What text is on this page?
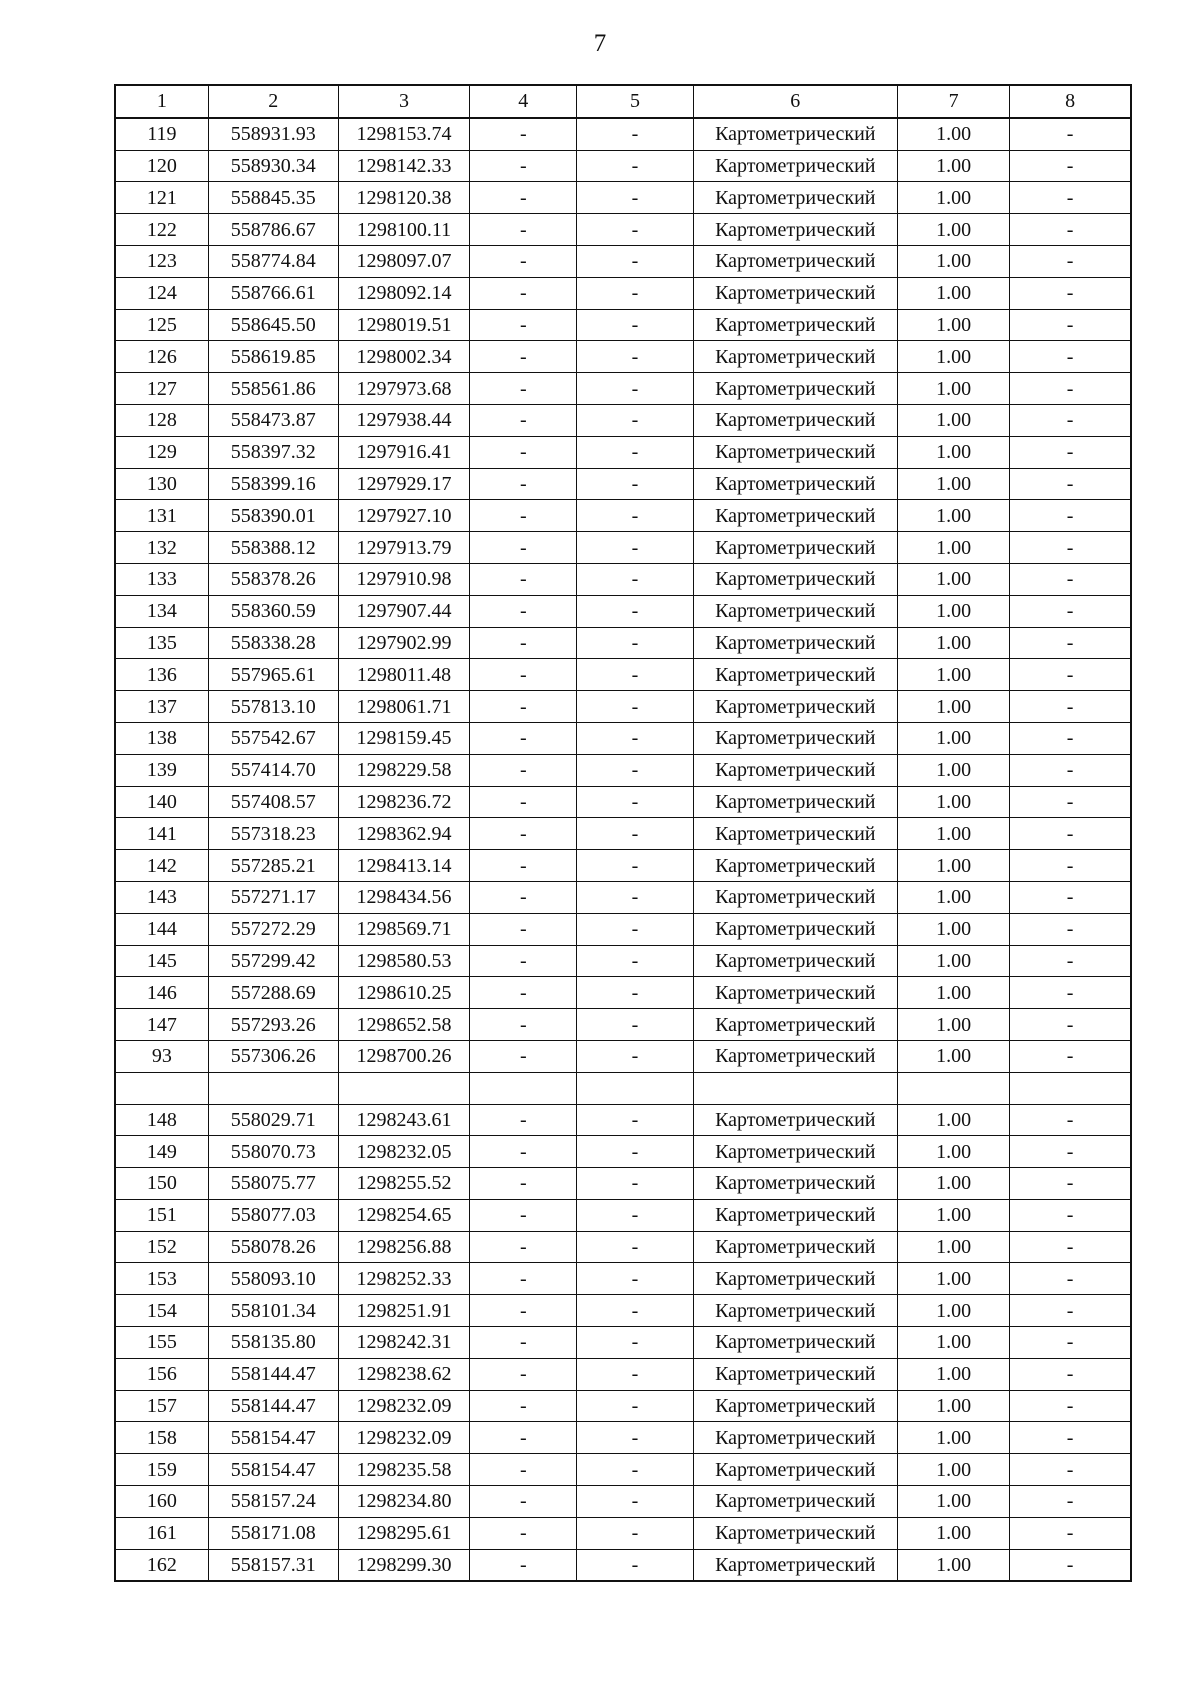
7
1	2	3	4	5	6	7	8
119	558931.93	1298153.74	-	-	Картометрический	1.00	-
120	558930.34	1298142.33	-	-	Картометрический	1.00	-
121	558845.35	1298120.38	-	-	Картометрический	1.00	-
122	558786.67	1298100.11	-	-	Картометрический	1.00	-
123	558774.84	1298097.07	-	-	Картометрический	1.00	-
124	558766.61	1298092.14	-	-	Картометрический	1.00	-
125	558645.50	1298019.51	-	-	Картометрический	1.00	-
126	558619.85	1298002.34	-	-	Картометрический	1.00	-
127	558561.86	1297973.68	-	-	Картометрический	1.00	-
128	558473.87	1297938.44	-	-	Картометрический	1.00	-
129	558397.32	1297916.41	-	-	Картометрический	1.00	-
130	558399.16	1297929.17	-	-	Картометрический	1.00	-
131	558390.01	1297927.10	-	-	Картометрический	1.00	-
132	558388.12	1297913.79	-	-	Картометрический	1.00	-
133	558378.26	1297910.98	-	-	Картометрический	1.00	-
134	558360.59	1297907.44	-	-	Картометрический	1.00	-
135	558338.28	1297902.99	-	-	Картометрический	1.00	-
136	557965.61	1298011.48	-	-	Картометрический	1.00	-
137	557813.10	1298061.71	-	-	Картометрический	1.00	-
138	557542.67	1298159.45	-	-	Картометрический	1.00	-
139	557414.70	1298229.58	-	-	Картометрический	1.00	-
140	557408.57	1298236.72	-	-	Картометрический	1.00	-
141	557318.23	1298362.94	-	-	Картометрический	1.00	-
142	557285.21	1298413.14	-	-	Картометрический	1.00	-
143	557271.17	1298434.56	-	-	Картометрический	1.00	-
144	557272.29	1298569.71	-	-	Картометрический	1.00	-
145	557299.42	1298580.53	-	-	Картометрический	1.00	-
146	557288.69	1298610.25	-	-	Картометрический	1.00	-
147	557293.26	1298652.58	-	-	Картометрический	1.00	-
93	557306.26	1298700.26	-	-	Картометрический	1.00	-

148	558029.71	1298243.61	-	-	Картометрический	1.00	-
149	558070.73	1298232.05	-	-	Картометрический	1.00	-
150	558075.77	1298255.52	-	-	Картометрический	1.00	-
151	558077.03	1298254.65	-	-	Картометрический	1.00	-
152	558078.26	1298256.88	-	-	Картометрический	1.00	-
153	558093.10	1298252.33	-	-	Картометрический	1.00	-
154	558101.34	1298251.91	-	-	Картометрический	1.00	-
155	558135.80	1298242.31	-	-	Картометрический	1.00	-
156	558144.47	1298238.62	-	-	Картометрический	1.00	-
157	558144.47	1298232.09	-	-	Картометрический	1.00	-
158	558154.47	1298232.09	-	-	Картометрический	1.00	-
159	558154.47	1298235.58	-	-	Картометрический	1.00	-
160	558157.24	1298234.80	-	-	Картометрический	1.00	-
161	558171.08	1298295.61	-	-	Картометрический	1.00	-
162	558157.31	1298299.30	-	-	Картометрический	1.00	-
